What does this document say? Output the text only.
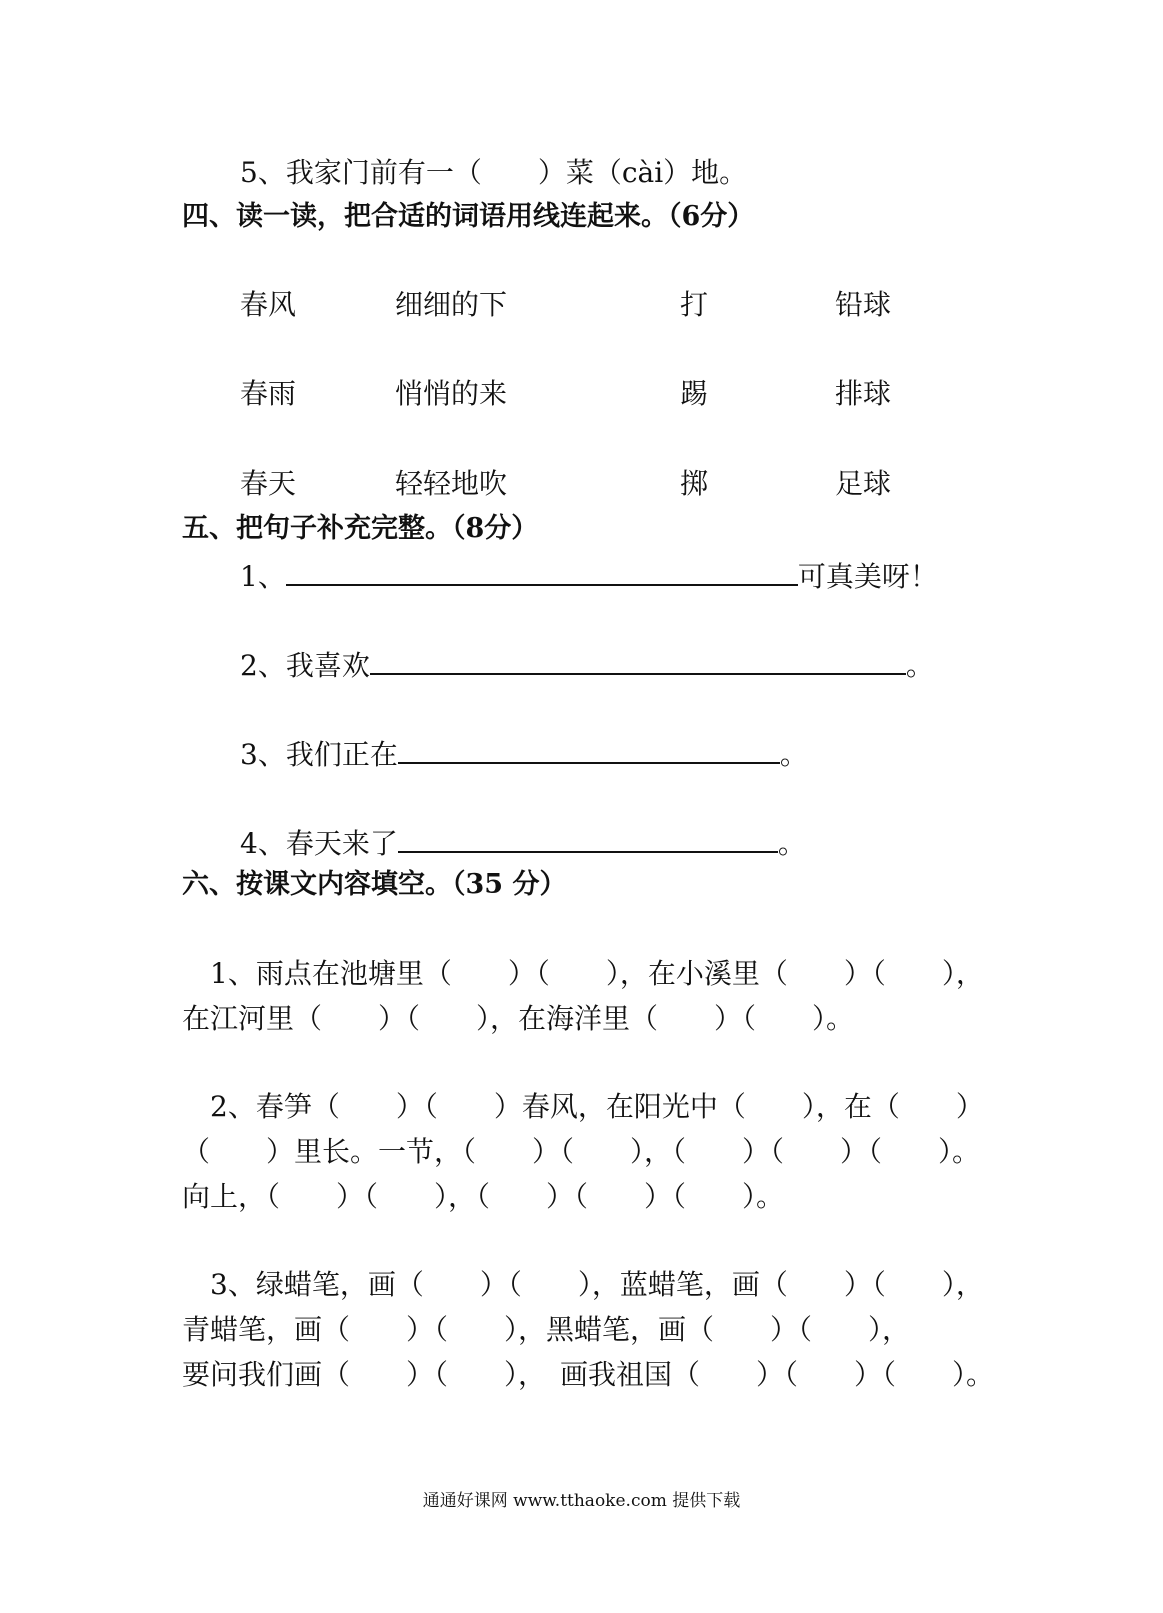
5、我家门前有一（　　）菜（cài）地。
四、读一读，把合适的词语用线连起来。（6分）
春风	细细的下	打	铅球
春雨	悄悄的来	踢	排球
春天	轻轻地吹	掷	足球
五、把句子补充完整。（8分）
1、	可真美呀！
2、我喜欢	。
3、我们正在	。
4、春天来了	。
六、按课文内容填空。（35 分）
　1、雨点在池塘里（　　）（　　），在小溪里（　　）（　　），
在江河里（　　）（　　），在海洋里（　　）（　　）。
　2、春笋（　　）（　　）春风，在阳光中（　　），在（　　）
（　　）里长。一节，（　　）（　　），（　　）（　　）（　　）。
向上，（　　）（　　），（　　）（　　）（　　）。
　3、绿蜡笔，画（　　）（　　），蓝蜡笔，画（　　）（　　），
青蜡笔，画（　　）（　　），黑蜡笔，画（　　）（　　），
要问我们画（　　）（　　），　画我祖国（　　）（　　）（　　）。
通通好课网 www.tthaoke.com 提供下载
